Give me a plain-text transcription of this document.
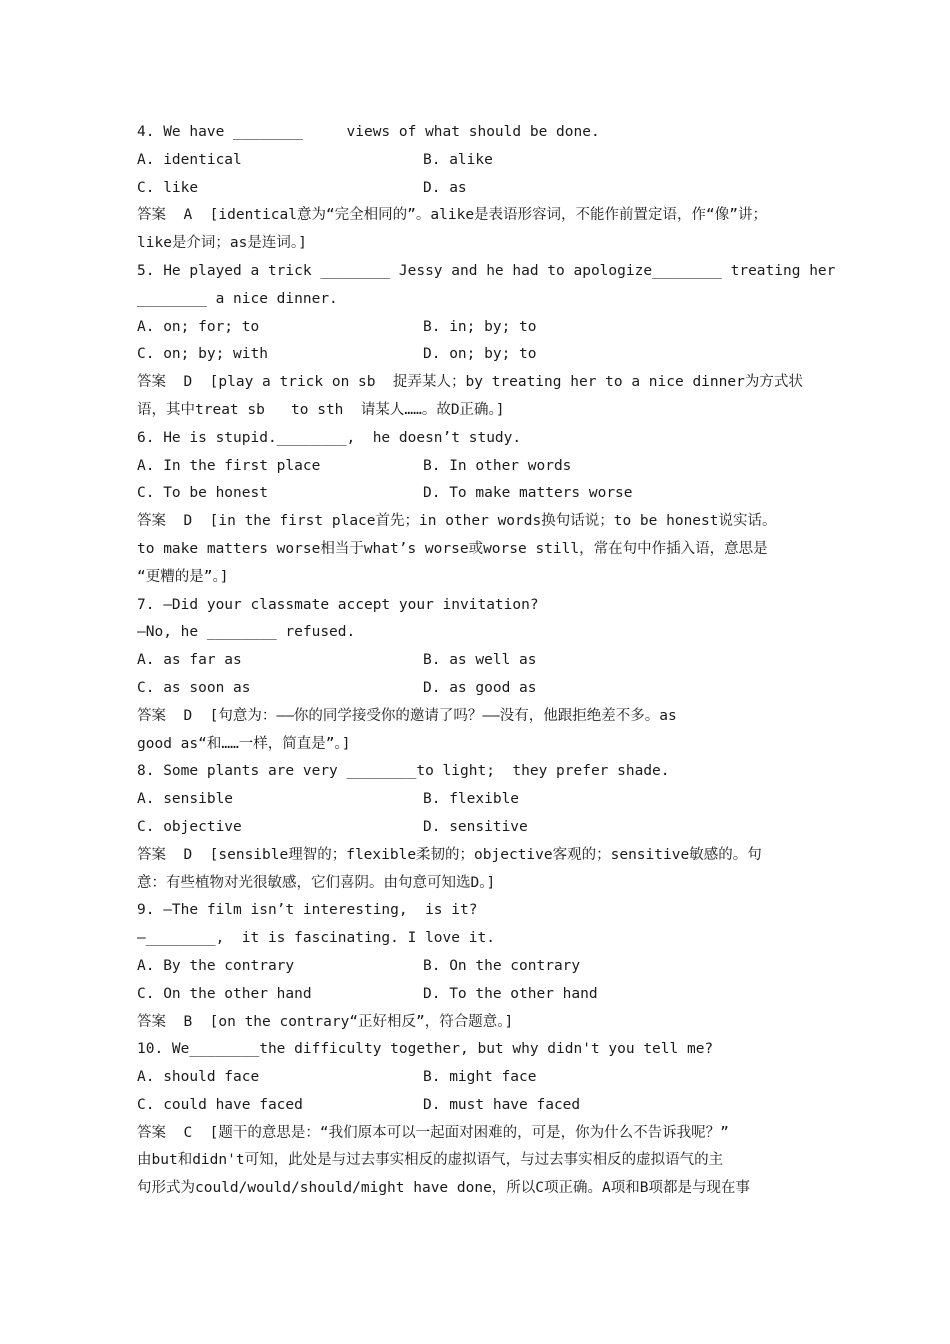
4. We have ________     views of what should be done.
A. identical	B. alike
C. like	D. as
答案  A  [identical意为“完全相同的”。alike是表语形容词，不能作前置定语，作“像”讲；
like是介词；as是连词。]
5. He played a trick ________ Jessy and he had to apologize________ treating her
________ a nice dinner.
A. on; for; to	B. in; by; to
C. on; by; with	D. on; by; to
答案  D  [play a trick on sb  捉弄某人；by treating her to a nice dinner为方式状
语，其中treat sb   to sth  请某人……。故D正确。]
6. He is stupid.________,  he doesn’t study.
A. In the first place	B. In other words
C. To be honest	D. To make matters worse
答案  D  [in the first place首先；in other words换句话说；to be honest说实话。
to make matters worse相当于what’s worse或worse still，常在句中作插入语，意思是
“更糟的是”。]
7. —Did your classmate accept your invitation?
—No, he ________ refused.
A. as far as	B. as well as
C. as soon as	D. as good as
答案  D  [句意为：——你的同学接受你的邀请了吗？——没有，他跟拒绝差不多。as
good as“和……一样，简直是”。]
8. Some plants are very ________to light;  they prefer shade.
A. sensible	B. flexible
C. objective	D. sensitive
答案  D  [sensible理智的；flexible柔韧的；objective客观的；sensitive敏感的。句
意：有些植物对光很敏感，它们喜阴。由句意可知选D。]
9. —The film isn’t interesting,  is it?
—________,  it is fascinating. I love it.
A. By the contrary	B. On the contrary
C. On the other hand	D. To the other hand
答案  B  [on the contrary“正好相反”，符合题意。]
10. We________the difficulty together, but why didn't you tell me?
A. should face	B. might face
C. could have faced	D. must have faced
答案  C  [题干的意思是：“我们原本可以一起面对困难的，可是，你为什么不告诉我呢？”
由but和didn't可知，此处是与过去事实相反的虚拟语气，与过去事实相反的虚拟语气的主
句形式为could/would/should/might have done，所以C项正确。A项和B项都是与现在事
